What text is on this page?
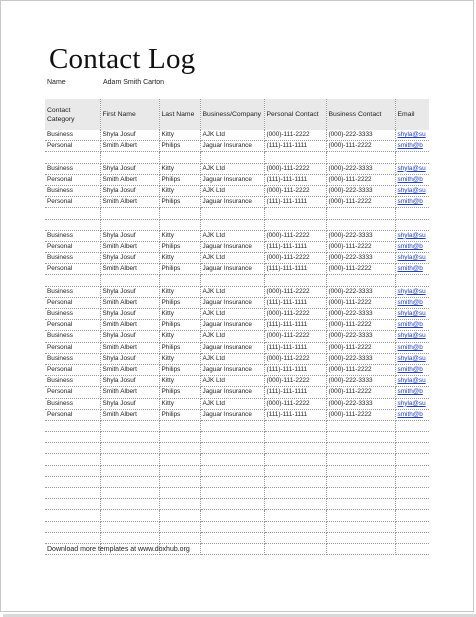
Contact Log
Name	Adam Smith Carton
Contact Category	First Name	Last Name	Business/Company	Personal Contact	Business Contact	Email
Business	Shyla Josuf	Kitty	AJK Ltd	(000)-111-2222	(000)-222-3333	shyla@su
Personal	Smith Albert	Philips	Jaguar Insurance	(111)-111-1111	(000)-111-2222	smith@b

Business	Shyla Josuf	Kitty	AJK Ltd	(000)-111-2222	(000)-222-3333	shyla@su
Personal	Smith Albert	Philips	Jaguar Insurance	(111)-111-1111	(000)-111-2222	smith@b
Business	Shyla Josuf	Kitty	AJK Ltd	(000)-111-2222	(000)-222-3333	shyla@su
Personal	Smith Albert	Philips	Jaguar Insurance	(111)-111-1111	(000)-111-2222	smith@b

Business	Shyla Josuf	Kitty	AJK Ltd	(000)-111-2222	(000)-222-3333	shyla@su
Personal	Smith Albert	Philips	Jaguar Insurance	(111)-111-1111	(000)-111-2222	smith@b
Business	Shyla Josuf	Kitty	AJK Ltd	(000)-111-2222	(000)-222-3333	shyla@su
Personal	Smith Albert	Philips	Jaguar Insurance	(111)-111-1111	(000)-111-2222	smith@b

Business	Shyla Josuf	Kitty	AJK Ltd	(000)-111-2222	(000)-222-3333	shyla@su
Personal	Smith Albert	Philips	Jaguar Insurance	(111)-111-1111	(000)-111-2222	smith@b
Business	Shyla Josuf	Kitty	AJK Ltd	(000)-111-2222	(000)-222-3333	shyla@su
Personal	Smith Albert	Philips	Jaguar Insurance	(111)-111-1111	(000)-111-2222	smith@b
Business	Shyla Josuf	Kitty	AJK Ltd	(000)-111-2222	(000)-222-3333	shyla@su
Personal	Smith Albert	Philips	Jaguar Insurance	(111)-111-1111	(000)-111-2222	smith@b
Business	Shyla Josuf	Kitty	AJK Ltd	(000)-111-2222	(000)-222-3333	shyla@su
Personal	Smith Albert	Philips	Jaguar Insurance	(111)-111-1111	(000)-111-2222	smith@b
Business	Shyla Josuf	Kitty	AJK Ltd	(000)-111-2222	(000)-222-3333	shyla@su
Personal	Smith Albert	Philips	Jaguar Insurance	(111)-111-1111	(000)-111-2222	smith@b
Business	Shyla Josuf	Kitty	AJK Ltd	(000)-111-2222	(000)-222-3333	shyla@su
Personal	Smith Albert	Philips	Jaguar Insurance	(111)-111-1111	(000)-111-2222	smith@b

Download more templates at www.doxhub.org
